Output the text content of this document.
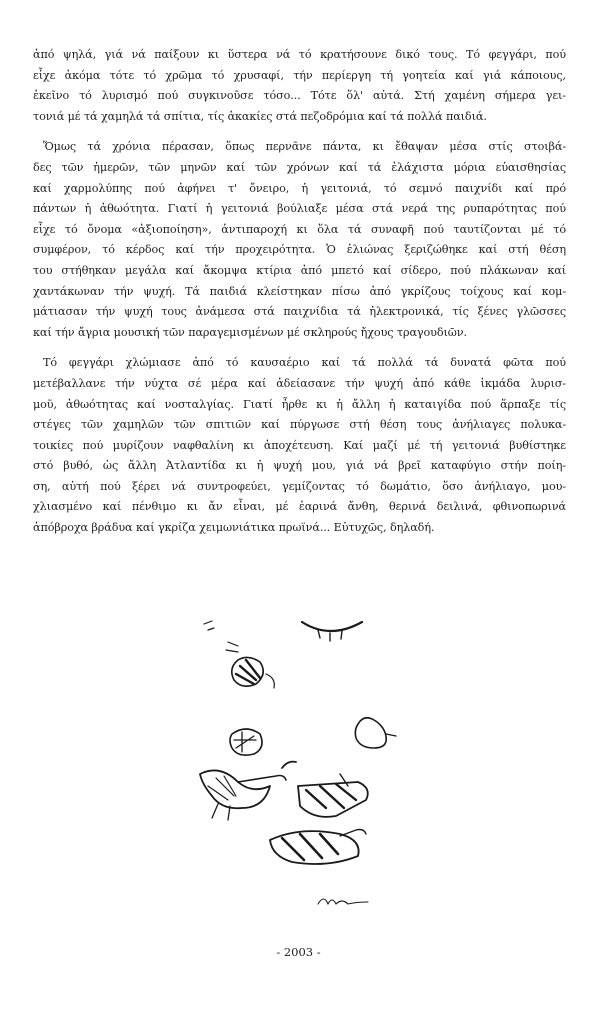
ἀπό ψηλά, γιά νά παίξουν κι ὕστερα νά τό κρατήσουνε δικό τους. Τό φεγγάρι, πού
εἶχε ἀκόμα τότε τό χρῶμα τό χρυσαφί, τήν περίεργη τή γοητεία καί γιά κάποιους,
ἐκεῖνο τό λυρισμό πού συγκινοῦσε τόσο... Τότε ὅλ' αὐτά. Στή χαμένη σήμερα γει-
τονιά μέ τά χαμηλά τά σπίτια, τίς ἀκακίες στά πεζοδρόμια καί τά πολλά παιδιά.
Ὅμως τά χρόνια πέρασαν, ὅπως περνᾶνε πάντα, κι ἔθαψαν μέσα στίς στοιβά-
δες τῶν ἡμερῶν, τῶν μηνῶν καί τῶν χρόνων καί τά ἐλάχιστα μόρια εὐαισθησίας
καί χαρμολύπης πού ἀφήνει τ' ὄνειρο, ἡ γειτονιά, τό σεμνό παιχνίδι καί πρό
πάντων ἡ ἀθωότητα. Γιατί ἡ γειτονιά βούλιαξε μέσα στά νερά της ρυπαρότητας πού
εἶχε τό ὄνομα «ἀξιοποίηση», ἀντιπαροχή κι ὅλα τά συναφῆ πού ταυτίζονται μέ τό
συμφέρον, τό κέρδος καί τήν προχειρότητα. Ὁ ἐλιώνας ξεριζώθηκε καί στή θέση
του στήθηκαν μεγάλα καί ἄκομψα κτίρια ἀπό μπετό καί σίδερο, πού πλάκωναν καί
χαντάκωναν τήν ψυχή. Τά παιδιά κλείστηκαν πίσω ἀπό γκρίζους τοίχους καί κομ-
μάτιασαν τήν ψυχή τους ἀνάμεσα στά παιχνίδια τά ἠλεκτρονικά, τίς ξένες γλῶσσες
καί τήν ἄγρια μουσική τῶν παραγεμισμένων μέ σκληρούς ἤχους τραγουδιῶν.
Τό φεγγάρι χλώμιασε ἀπό τό καυσαέριο καί τά πολλά τά δυνατά φῶτα πού
μετέβαλλανε τήν νύχτα σέ μέρα καί ἀδείασανε τήν ψυχή ἀπό κάθε ἰκμάδα λυρισ-
μοῦ, ἀθωότητας καί νοσταλγίας. Γιατί ἦρθε κι ἡ ἄλλη ἡ καταιγίδα πού ἅρπαξε τίς
στέγες τῶν χαμηλῶν τῶν σπιτιῶν καί πύργωσε στή θέση τους ἀνήλιαγες πολυκα-
τοικίες πού μυρίζουν ναφθαλίνη κι ἀποχέτευση. Καί μαζί μέ τή γειτονιά βυθίστηκε
στό βυθό, ὡς ἄλλη Ἀτλαντίδα κι ἡ ψυχή μου, γιά νά βρεῖ καταφύγιο στήν ποίη-
ση, αὐτή πού ξέρει νά συντροφεύει, γεμίζοντας τό δωμάτιο, ὅσο ἀνήλιαγο, μου-
χλιασμένο καί πένθιμο κι ἄν εἶναι, μέ ἐαρινά ἄνθη, θερινά δειλινά, φθινοπωρινά
ἀπόβροχα βράδυα καί γκρίζα χειμωνιάτικα πρωϊνά... Εὐτυχῶς, δηλαδή.
- 2003 -
